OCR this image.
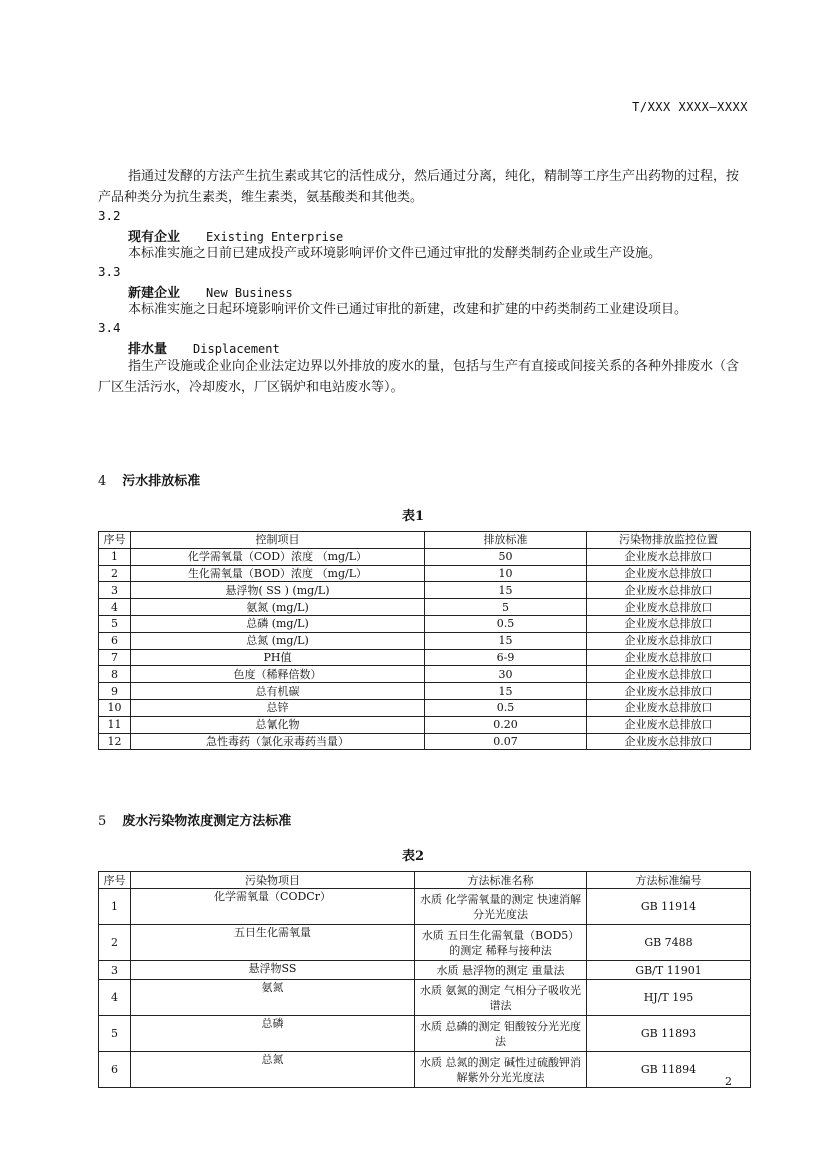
T/XXX XXXX—XXXX
指通过发酵的方法产生抗生素或其它的活性成分，然后通过分离，纯化，精制等工序生产出药物的过程，按产品种类分为抗生素类，维生素类，氨基酸类和其他类。
3.2
现有企业 Existing Enterprise
本标准实施之日前已建成投产或环境影响评价文件已通过审批的发酵类制药企业或生产设施。
3.3
新建企业 New Business
本标准实施之日起环境影响评价文件已通过审批的新建，改建和扩建的中药类制药工业建设项目。
3.4
排水量 Displacement
指生产设施或企业向企业法定边界以外排放的废水的量，包括与生产有直接或间接关系的各种外排废水（含厂区生活污水，冷却废水，厂区锅炉和电站废水等）。
4 污水排放标准
表1
序号	控制项目	排放标准	污染物排放监控位置
1	化学需氧量（COD）浓度 （mg/L）	50	企业废水总排放口
2	生化需氧量（BOD）浓度 （mg/L）	10	企业废水总排放口
3	悬浮物( SS ) (mg/L)	15	企业废水总排放口
4	氨氮 (mg/L)	5	企业废水总排放口
5	总磷 (mg/L)	0.5	企业废水总排放口
6	总氮 (mg/L)	15	企业废水总排放口
7	PH值	6-9	企业废水总排放口
8	色度（稀释倍数）	30	企业废水总排放口
9	总有机碳	15	企业废水总排放口
10	总锌	0.5	企业废水总排放口
11	总氰化物	0.20	企业废水总排放口
12	急性毒药（氯化汞毒药当量）	0.07	企业废水总排放口
5 废水污染物浓度测定方法标准
表2
序号	污染物项目	方法标准名称	方法标准编号
1	化学需氧量（CODCr）	水质 化学需氧量的测定 快速消解分光光度法	GB 11914
2	五日生化需氧量	水质 五日生化需氧量（BOD5）的测定 稀释与接种法	GB 7488
3	悬浮物SS	水质 悬浮物的测定 重量法	GB/T 11901
4	氨氮	水质 氨氮的测定 气相分子吸收光谱法	HJ/T 195
5	总磷	水质 总磷的测定 钼酸铵分光光度法	GB 11893
6	总氮	水质 总氮的测定 碱性过硫酸钾消解紫外分光光度法	GB 11894
2
